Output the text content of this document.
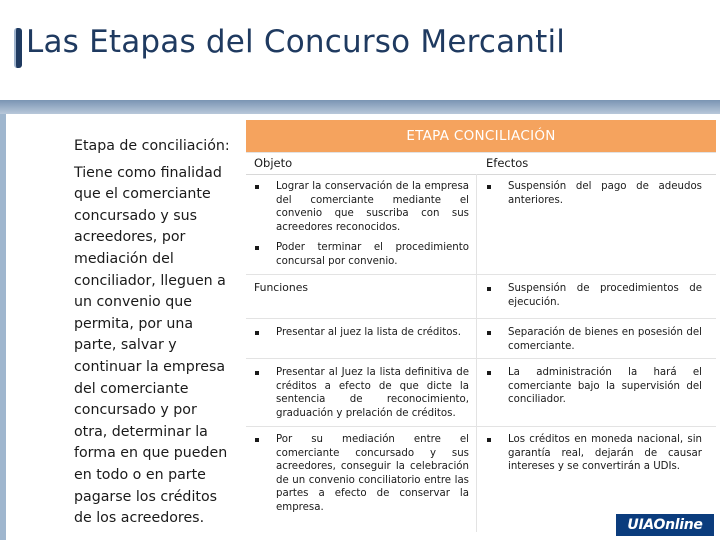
Las Etapas del Concurso Mercantil
Etapa de conciliación:
Tiene como finalidad que el comerciante concursado y sus acreedores, por mediación del conciliador, lleguen a un convenio que permita, por una parte, salvar y continuar la empresa del comerciante concursado y por otra, determinar la forma en que pueden en todo o en parte pagarse los créditos de los acreedores.
ETAPA CONCILIACIÓN
Objeto	Efectos
Lograr la conservación de la empresa del comerciante mediante el convenio que suscriba con sus acreedores reconocidos.
Poder terminar el procedimiento concursal por convenio.
Funciones
Presentar al juez la lista de créditos.
Presentar al Juez la lista definitiva de créditos a efecto de que dicte la sentencia de reconocimiento, graduación y prelación de créditos.
Por su mediación entre el comerciante concursado y sus acreedores, conseguir la celebración de un convenio conciliatorio entre las partes a efecto de conservar la empresa.
Suspensión del pago de adeudos anteriores.
Suspensión de procedimientos de ejecución.
Separación de bienes en posesión del comerciante.
La administración la hará el comerciante bajo la supervisión del conciliador.
Los créditos en moneda nacional, sin garantía real, dejarán de causar intereses y se convertirán a UDIs.
UIAOnline
